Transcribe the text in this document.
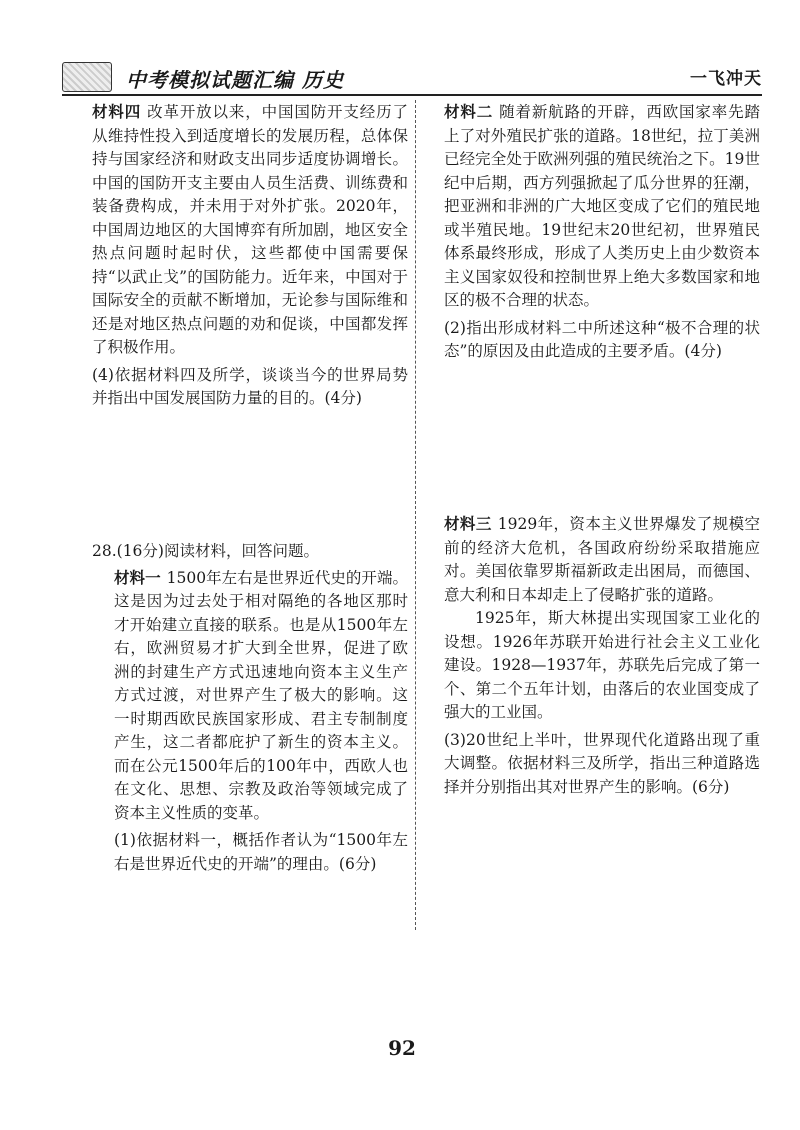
中考模拟试题汇编 历史	一飞冲天

材料四 改革开放以来，中国国防开支经历了从维持性投入到适度增长的发展历程，总体保持与国家经济和财政支出同步适度协调增长。中国的国防开支主要由人员生活费、训练费和装备费构成，并未用于对外扩张。2020年，中国周边地区的大国博弈有所加剧，地区安全热点问题时起时伏，这些都使中国需要保持“以武止戈”的国防能力。近年来，中国对于国际安全的贡献不断增加，无论参与国际维和还是对地区热点问题的劝和促谈，中国都发挥了积极作用。

(4)依据材料四及所学，谈谈当今的世界局势并指出中国发展国防力量的目的。(4分)

28.(16分)阅读材料，回答问题。

材料一 1500年左右是世界近代史的开端。这是因为过去处于相对隔绝的各地区那时才开始建立直接的联系。也是从1500年左右，欧洲贸易才扩大到全世界，促进了欧洲的封建生产方式迅速地向资本主义生产方式过渡，对世界产生了极大的影响。这一时期西欧民族国家形成、君主专制制度产生，这二者都庇护了新生的资本主义。而在公元1500年后的100年中，西欧人也在文化、思想、宗教及政治等领域完成了资本主义性质的变革。

(1)依据材料一，概括作者认为“1500年左右是世界近代史的开端”的理由。(6分)

材料二 随着新航路的开辟，西欧国家率先踏上了对外殖民扩张的道路。18世纪，拉丁美洲已经完全处于欧洲列强的殖民统治之下。19世纪中后期，西方列强掀起了瓜分世界的狂潮，把亚洲和非洲的广大地区变成了它们的殖民地或半殖民地。19世纪末20世纪初，世界殖民体系最终形成，形成了人类历史上由少数资本主义国家奴役和控制世界上绝大多数国家和地区的极不合理的状态。

(2)指出形成材料二中所述这种“极不合理的状态”的原因及由此造成的主要矛盾。(4分)

材料三 1929年，资本主义世界爆发了规模空前的经济大危机，各国政府纷纷采取措施应对。美国依靠罗斯福新政走出困局，而德国、意大利和日本却走上了侵略扩张的道路。

1925年，斯大林提出实现国家工业化的设想。1926年苏联开始进行社会主义工业化建设。1928—1937年，苏联先后完成了第一个、第二个五年计划，由落后的农业国变成了强大的工业国。

(3)20世纪上半叶，世界现代化道路出现了重大调整。依据材料三及所学，指出三种道路选择并分别指出其对世界产生的影响。(6分)

92
